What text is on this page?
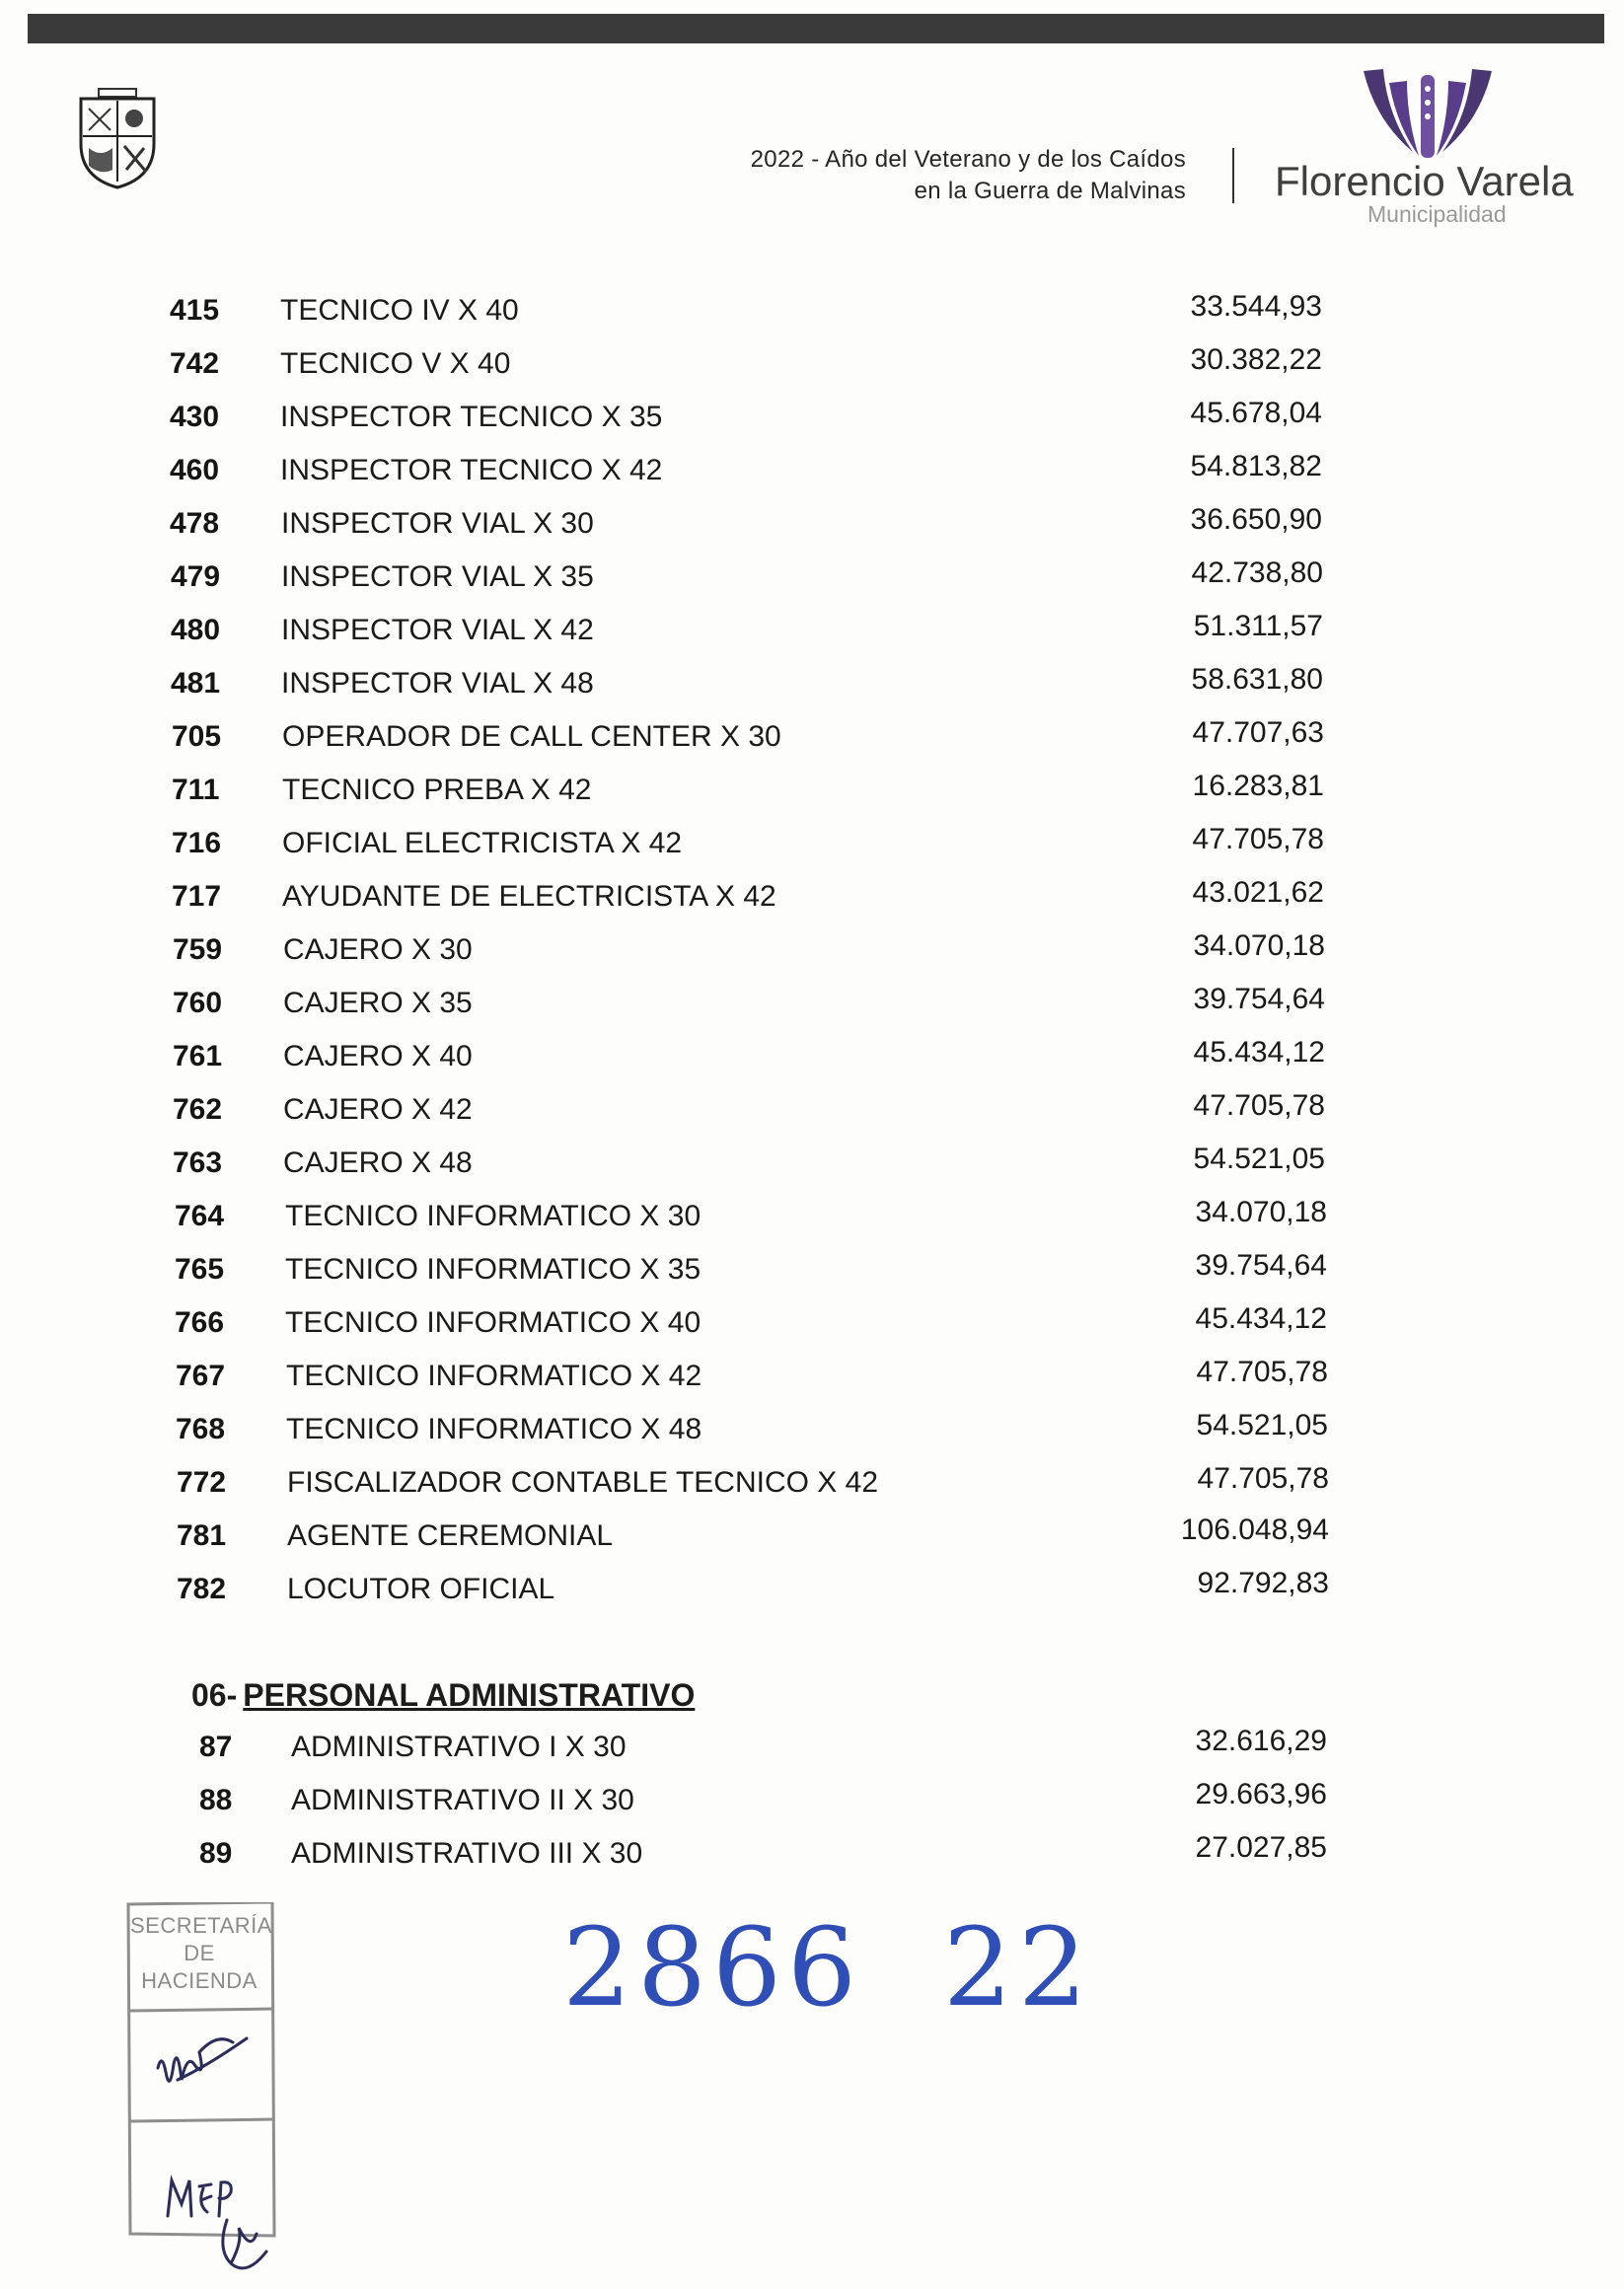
2022 - Año del Veterano y de los Caídos
en la Guerra de Malvinas Florencio Varela
Municipalidad
415	TECNICO IV X 40	33.544,93
742	TECNICO V X 40	30.382,22
430	INSPECTOR TECNICO X 35	45.678,04
460	INSPECTOR TECNICO X 42	54.813,82
478	INSPECTOR VIAL X 30	36.650,90
479	INSPECTOR VIAL X 35	42.738,80
480	INSPECTOR VIAL X 42	51.311,57
481	INSPECTOR VIAL X 48	58.631,80
705	OPERADOR DE CALL CENTER X 30	47.707,63
711	TECNICO PREBA X 42	16.283,81
716	OFICIAL ELECTRICISTA X 42	47.705,78
717	AYUDANTE DE ELECTRICISTA X 42	43.021,62
759	CAJERO X 30	34.070,18
760	CAJERO X 35	39.754,64
761	CAJERO X 40	45.434,12
762	CAJERO X 42	47.705,78
763	CAJERO X 48	54.521,05
764	TECNICO INFORMATICO X 30	34.070,18
765	TECNICO INFORMATICO X 35	39.754,64
766	TECNICO INFORMATICO X 40	45.434,12
767	TECNICO INFORMATICO X 42	47.705,78
768	TECNICO INFORMATICO X 48	54.521,05
772	FISCALIZADOR CONTABLE TECNICO X 42	47.705,78
781	AGENTE CEREMONIAL	106.048,94
782	LOCUTOR OFICIAL	92.792,83
06- PERSONAL ADMINISTRATIVO
87	ADMINISTRATIVO I X 30	32.616,29
88	ADMINISTRATIVO II X 30	29.663,96
89	ADMINISTRATIVO III X 30	27.027,85
SECRETARÍA
DE
HACIENDA	2866  22
